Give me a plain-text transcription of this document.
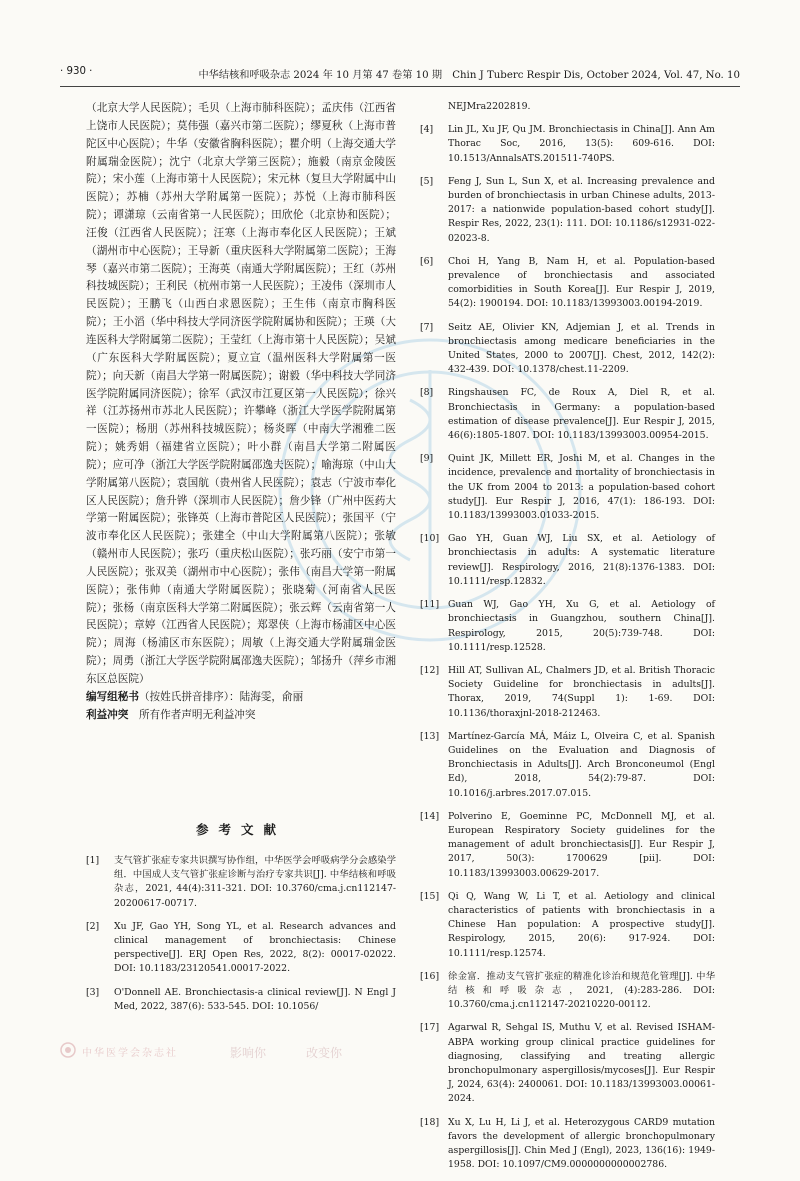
· 930 ·	中华结核和呼吸杂志 2024 年 10 月第 47 卷第 10 期　Chin J Tuberc Respir Dis, October 2024, Vol. 47, No. 10
（北京大学人民医院）；毛贝（上海市肺科医院）；孟庆伟（江西省上饶市人民医院）；莫伟强（嘉兴市第二医院）；缪夏秋（上海市普陀区中心医院）；牛华（安徽省胸科医院）；瞿介明（上海交通大学附属瑞金医院）；沈宁（北京大学第三医院）；施毅（南京金陵医院）；宋小莲（上海市第十人民医院）；宋元林（复旦大学附属中山医院）；苏楠（苏州大学附属第一医院）；苏悦（上海市肺科医院）；谭潇琼（云南省第一人民医院）；田欣伦（北京协和医院）；汪俊（江西省人民医院）；汪寒（上海市奉化区人民医院）；王斌（湖州市中心医院）；王导新（重庆医科大学附属第二医院）；王海琴（嘉兴市第二医院）；王海英（南通大学附属医院）；王红（苏州科技城医院）；王利民（杭州市第一人民医院）；王凌伟（深圳市人民医院）；王鹏飞（山西白求恩医院）；王生伟（南京市胸科医院）；王小滔（华中科技大学同济医学院附属协和医院）；王瑛（大连医科大学附属第二医院）；王莹红（上海市第十人民医院）；吴斌（广东医科大学附属医院）；夏立宣（温州医科大学附属第一医院）；向天新（南昌大学第一附属医院）；谢毅（华中科技大学同济医学院附属同济医院）；徐军（武汉市江夏区第一人民医院）；徐兴祥（江苏扬州市苏北人民医院）；许攀峰（浙江大学医学院附属第一医院）；杨朋（苏州科技城医院）；杨炎晖（中南大学湘雅二医院）；姚秀娟（福建省立医院）；叶小群（南昌大学第二附属医院）；应可净（浙江大学医学院附属邵逸夫医院）；喻海琼（中山大学附属第八医院）；袁国航（贵州省人民医院）；袁志（宁波市奉化区人民医院）；詹升铧（深圳市人民医院）；詹少锋（广州中医药大学第一附属医院）；张锋英（上海市普陀区人民医院）；张国平（宁波市奉化区人民医院）；张建全（中山大学附属第八医院）；张敏（赣州市人民医院）；张巧（重庆松山医院）；张巧丽（安宁市第一人民医院）；张双美（湖州市中心医院）；张伟（南昌大学第一附属医院）；张伟帅（南通大学附属医院）；张晓菊（河南省人民医院）；张杨（南京医科大学第二附属医院）；张云辉（云南省第一人民医院）；章婷（江西省人民医院）；郑翠侠（上海市杨浦区中心医院）；周海（杨浦区市东医院）；周敏（上海交通大学附属瑞金医院）；周勇（浙江大学医学院附属邵逸夫医院）；邹扬升（萍乡市湘东区总医院）
编写组秘书（按姓氏拼音排序）：陆海雯，俞丽
利益冲突　所有作者声明无利益冲突
参考文献
[1] 支气管扩张症专家共识撰写协作组，中华医学会呼吸病学分会感染学组．中国成人支气管扩张症诊断与治疗专家共识[J]. 中华结核和呼吸杂志，2021, 44(4):311-321. DOI: 10.3760/cma.j.cn112147-20200617-00717.
[2] Xu JF, Gao YH, Song YL, et al. Research advances and clinical management of bronchiectasis: Chinese perspective[J]. ERJ Open Res, 2022, 8(2): 00017-02022. DOI: 10.1183/23120541.00017-2022.
[3] O'Donnell AE. Bronchiectasis-a clinical review[J]. N Engl J Med, 2022, 387(6): 533-545. DOI: 10.1056/
NEJMra2202819.
[4] Lin JL, Xu JF, Qu JM. Bronchiectasis in China[J]. Ann Am Thorac Soc, 2016, 13(5): 609-616. DOI: 10.1513/AnnalsATS.201511-740PS.
[5] Feng J, Sun L, Sun X, et al. Increasing prevalence and burden of bronchiectasis in urban Chinese adults, 2013-2017: a nationwide population-based cohort study[J]. Respir Res, 2022, 23(1): 111. DOI: 10.1186/s12931-022-02023-8.
[6] Choi H, Yang B, Nam H, et al. Population-based prevalence of bronchiectasis and associated comorbidities in South Korea[J]. Eur Respir J, 2019, 54(2): 1900194. DOI: 10.1183/13993003.00194-2019.
[7] Seitz AE, Olivier KN, Adjemian J, et al. Trends in bronchiectasis among medicare beneficiaries in the United States, 2000 to 2007[J]. Chest, 2012, 142(2): 432-439. DOI: 10.1378/chest.11-2209.
[8] Ringshausen FC, de Roux A, Diel R, et al. Bronchiectasis in Germany: a population-based estimation of disease prevalence[J]. Eur Respir J, 2015, 46(6):1805-1807. DOI: 10.1183/13993003.00954-2015.
[9] Quint JK, Millett ER, Joshi M, et al. Changes in the incidence, prevalence and mortality of bronchiectasis in the UK from 2004 to 2013: a population-based cohort study[J]. Eur Respir J, 2016, 47(1): 186-193. DOI: 10.1183/13993003.01033-2015.
[10] Gao YH, Guan WJ, Liu SX, et al. Aetiology of bronchiectasis in adults: A systematic literature review[J]. Respirology, 2016, 21(8):1376-1383. DOI: 10.1111/resp.12832.
[11] Guan WJ, Gao YH, Xu G, et al. Aetiology of bronchiectasis in Guangzhou, southern China[J]. Respirology, 2015, 20(5):739-748. DOI: 10.1111/resp.12528.
[12] Hill AT, Sullivan AL, Chalmers JD, et al. British Thoracic Society Guideline for bronchiectasis in adults[J]. Thorax, 2019, 74(Suppl 1): 1-69. DOI: 10.1136/thoraxjnl-2018-212463.
[13] Martínez-García MÁ, Máiz L, Olveira C, et al. Spanish Guidelines on the Evaluation and Diagnosis of Bronchiectasis in Adults[J]. Arch Bronconeumol (Engl Ed), 2018, 54(2):79-87. DOI: 10.1016/j.arbres.2017.07.015.
[14] Polverino E, Goeminne PC, McDonnell MJ, et al. European Respiratory Society guidelines for the management of adult bronchiectasis[J]. Eur Respir J, 2017, 50(3): 1700629 [pii]. DOI: 10.1183/13993003.00629-2017.
[15] Qi Q, Wang W, Li T, et al. Aetiology and clinical characteristics of patients with bronchiectasis in a Chinese Han population: A prospective study[J]. Respirology, 2015, 20(6): 917-924. DOI: 10.1111/resp.12574.
[16] 徐金富．推动支气管扩张症的精准化诊治和规范化管理[J]. 中华结核和呼吸杂志，2021, (4):283-286. DOI: 10.3760/cma.j.cn112147-20210220-00112.
[17] Agarwal R, Sehgal IS, Muthu V, et al. Revised ISHAM-ABPA working group clinical practice guidelines for diagnosing, classifying and treating allergic bronchopulmonary aspergillosis/mycoses[J]. Eur Respir J, 2024, 63(4): 2400061. DOI: 10.1183/13993003.00061-2024.
[18] Xu X, Lu H, Li J, et al. Heterozygous CARD9 mutation favors the development of allergic bronchopulmonary aspergillosis[J]. Chin Med J (Engl), 2023, 136(16): 1949-1958. DOI: 10.1097/CM9.0000000000002786.
中华医学会杂志社	影响你	改变你
